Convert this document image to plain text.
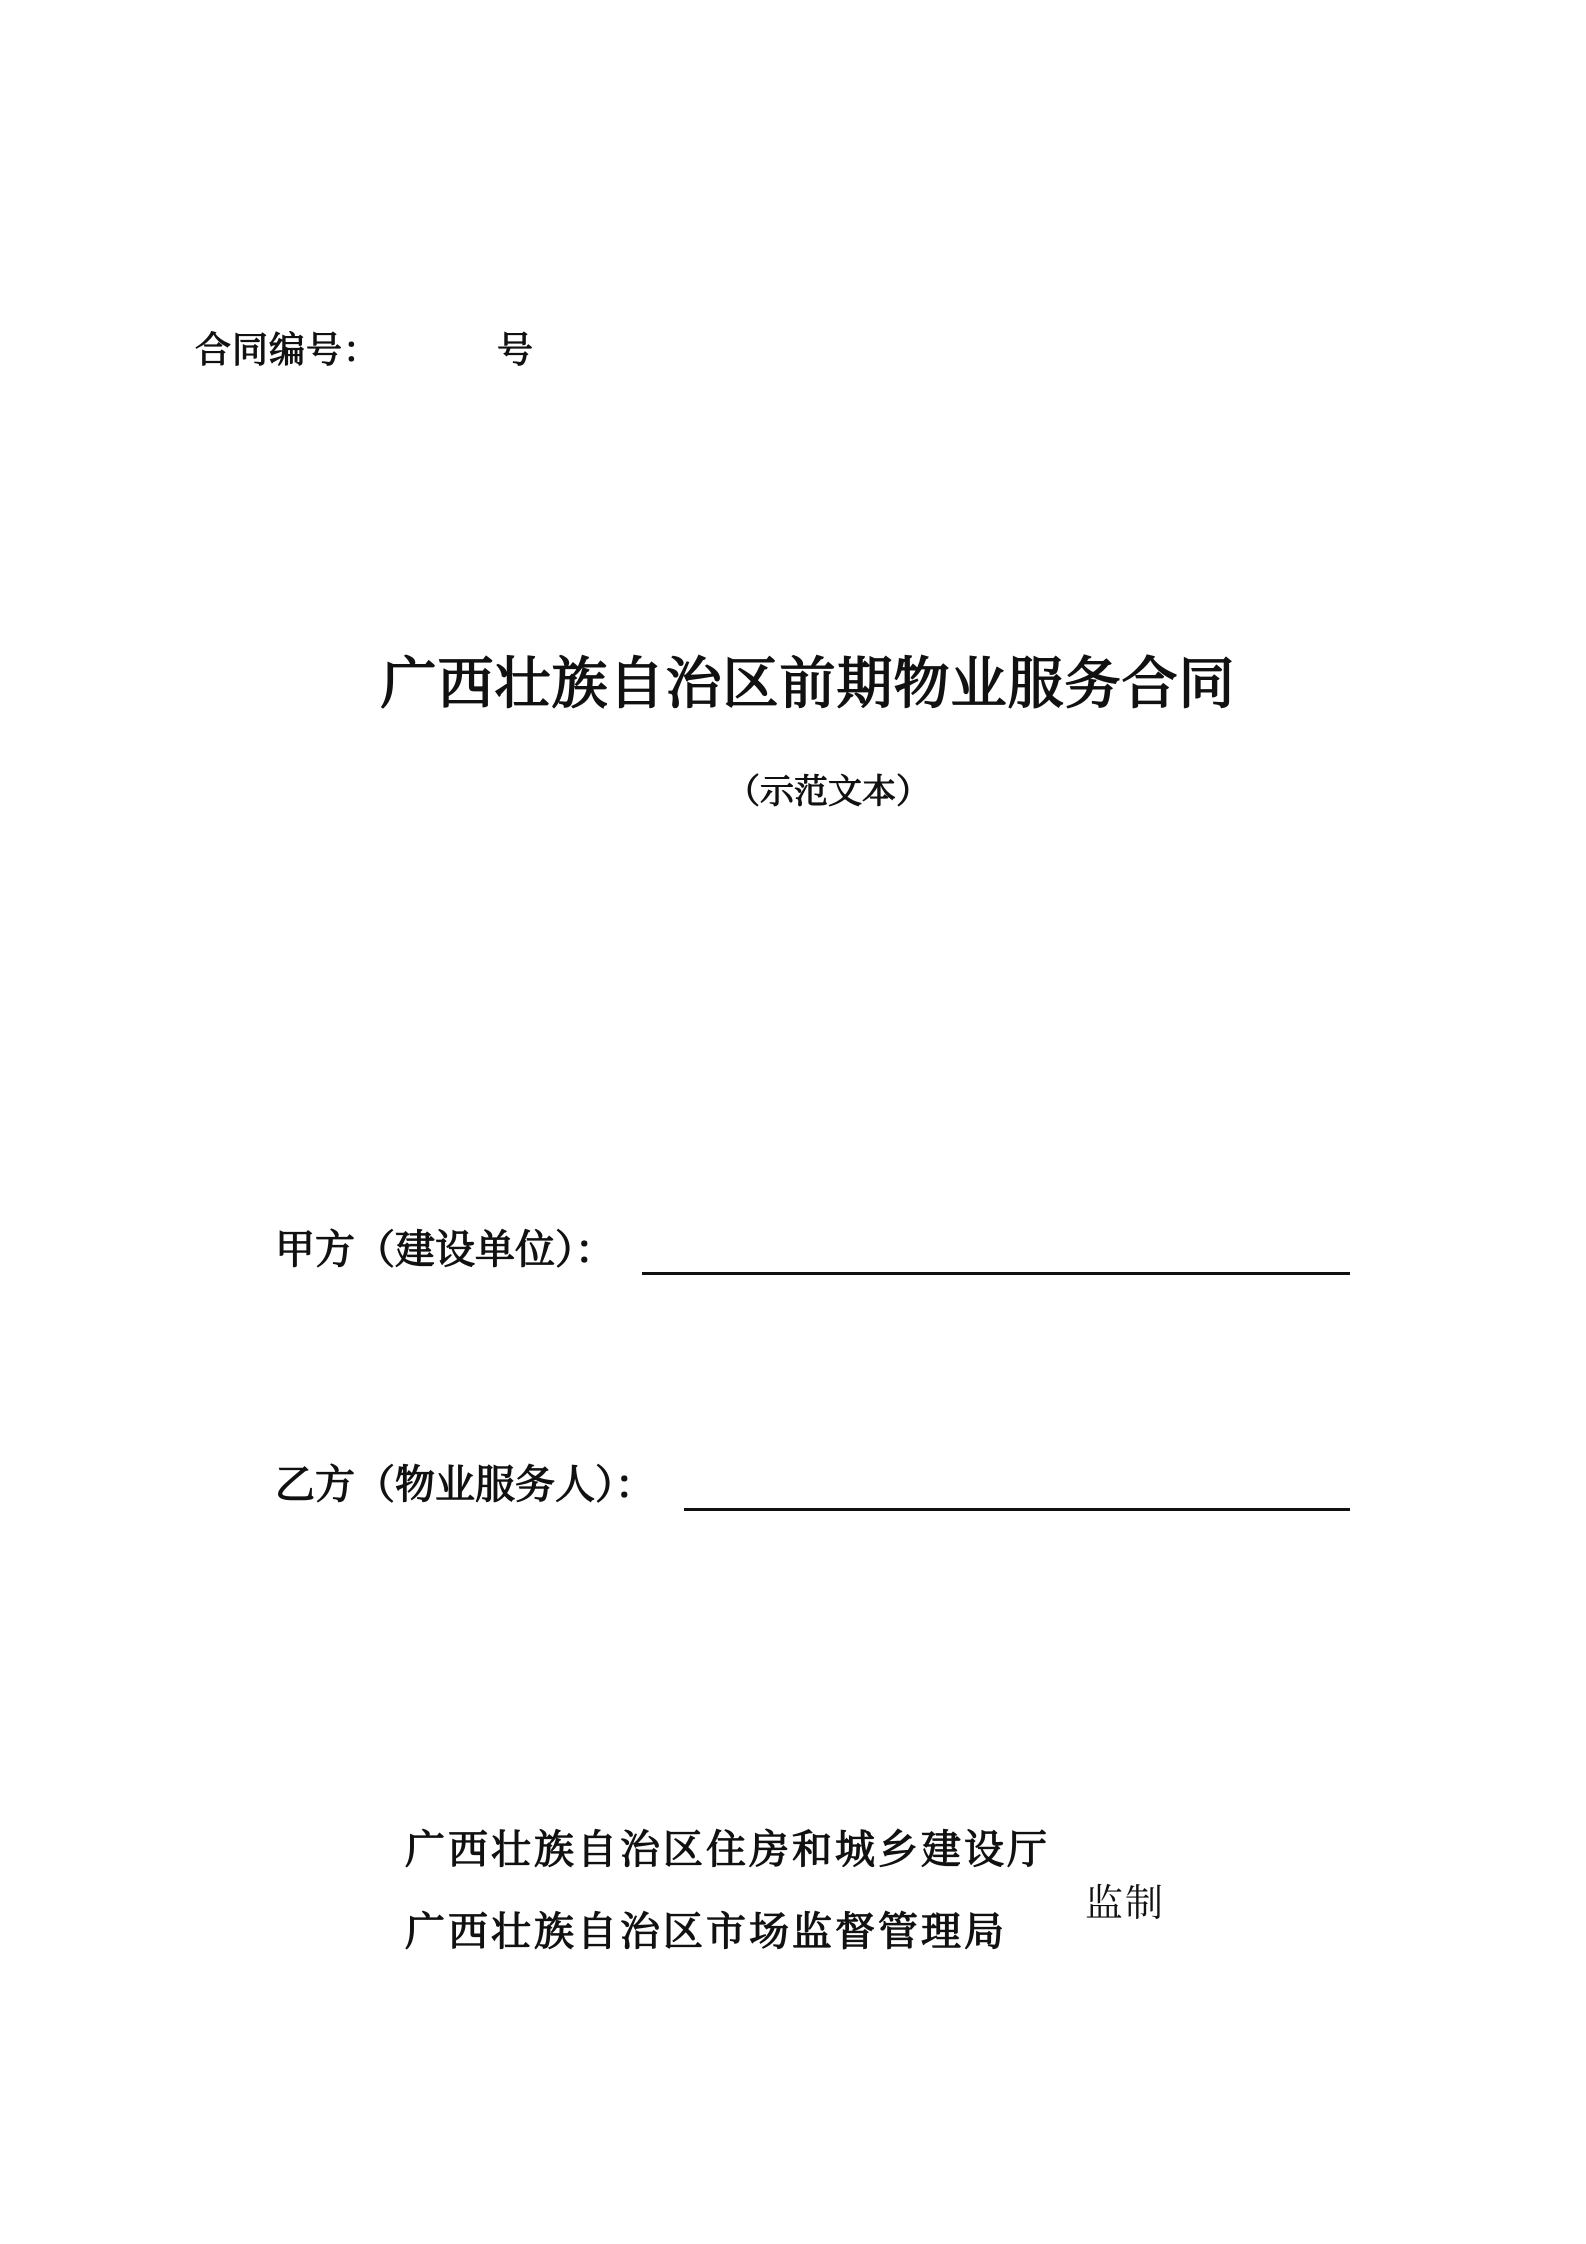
合同编号：	号
广西壮族自治区前期物业服务合同
（示范文本）
甲方（建设单位）：
乙方（物业服务人）：
广西壮族自治区住房和城乡建设厅
广西壮族自治区市场监督管理局
监制
